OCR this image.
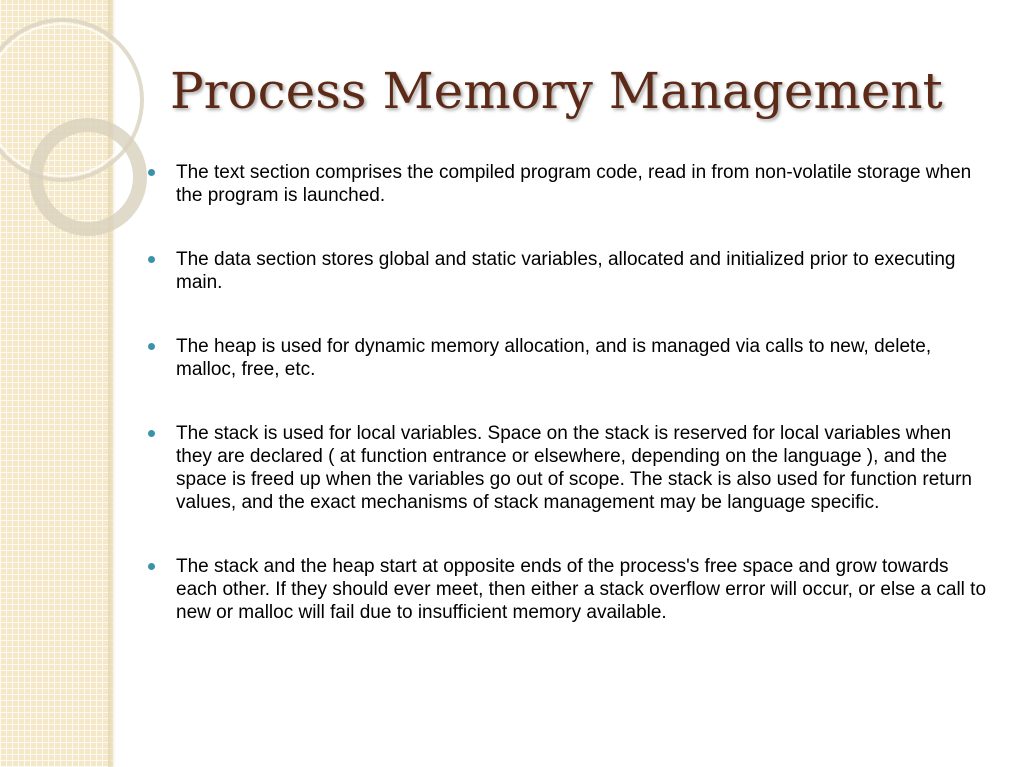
Process Memory Management
The text section comprises the compiled program code, read in from non-volatile storage when the program is launched.
The data section stores global and static variables, allocated and initialized prior to executing main.
The heap is used for dynamic memory allocation, and is managed via calls to new, delete, malloc, free, etc.
The stack is used for local variables. Space on the stack is reserved for local variables when they are declared ( at function entrance or elsewhere, depending on the language ), and the space is freed up when the variables go out of scope. The stack is also used for function return values, and the exact mechanisms of stack management may be language specific.
The stack and the heap start at opposite ends of the process's free space and grow towards each other. If they should ever meet, then either a stack overflow error will occur, or else a call to new or malloc will fail due to insufficient memory available.
